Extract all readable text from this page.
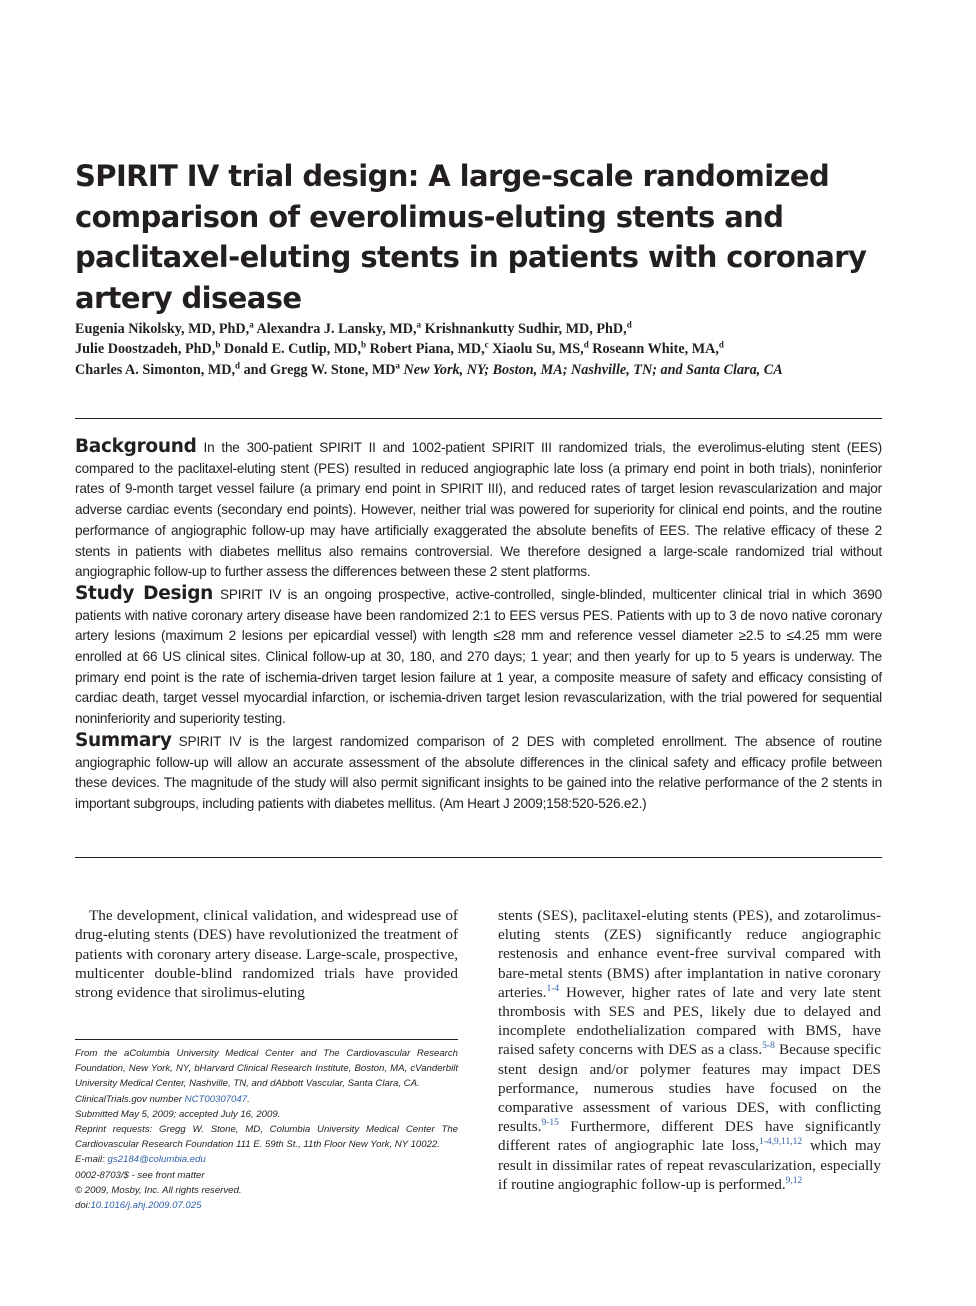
SPIRIT IV trial design: A large-scale randomized comparison of everolimus-eluting stents and paclitaxel-eluting stents in patients with coronary artery disease
Eugenia Nikolsky, MD, PhD,$^a$ Alexandra J. Lansky, MD,$^a$ Krishnankutty Sudhir, MD, PhD,$^d$
Julie Doostzadeh, PhD,$^b$ Donald E. Cutlip, MD,$^b$ Robert Piana, MD,$^c$ Xiaolu Su, MS,$^d$ Roseann White, MA,$^d$
Charles A. Simonton, MD,$^d$ and Gregg W. Stone, $MD^a$ New York, NY; Boston, MA; Nashville, TN; and Santa Clara, CA

Background In the 300-patient SPIRIT II and 1002-patient SPIRIT III randomized trials, the everolimus-eluting stent (EES) compared to the paclitaxel-eluting stent (PES) resulted in reduced angiographic late loss (a primary end point in both trials), noninferior rates of 9-month target vessel failure (a primary end point in SPIRIT III), and reduced rates of target lesion revascularization and major adverse cardiac events (secondary end points). However, neither trial was powered for superiority for clinical end points, and the routine performance of angiographic follow-up may have artificially exaggerated the absolute benefits of EES. The relative efficacy of these 2 stents in patients with diabetes mellitus also remains controversial. We therefore designed a large-scale randomized trial without angiographic follow-up to further assess the differences between these 2 stent platforms.

Study Design SPIRIT IV is an ongoing prospective, active-controlled, single-blinded, multicenter clinical trial in which 3690 patients with native coronary artery disease have been randomized 2:1 to EES versus PES. Patients with up to 3 de novo native coronary artery lesions (maximum 2 lesions per epicardial vessel) with length ≤28 mm and reference vessel diameter ≥2.5 to ≤4.25 mm were enrolled at 66 US clinical sites. Clinical follow-up at 30, 180, and 270 days; 1 year; and then yearly for up to 5 years is underway. The primary end point is the rate of ischemia-driven target lesion failure at 1 year, a composite measure of safety and efficacy consisting of cardiac death, target vessel myocardial infarction, or ischemia-driven target lesion revascularization, with the trial powered for sequential noninferiority and superiority testing.

Summary SPIRIT IV is the largest randomized comparison of 2 DES with completed enrollment. The absence of routine angiographic follow-up will allow an accurate assessment of the absolute differences in the clinical safety and efficacy profile between these devices. The magnitude of the study will also permit significant insights to be gained into the relative performance of the 2 stents in important subgroups, including patients with diabetes mellitus. (Am Heart J 2009;158:520-526.e2.)

The development, clinical validation, and widespread use of drug-eluting stents (DES) have revolutionized the treatment of patients with coronary artery disease. Large-scale, prospective, multicenter double-blind randomized trials have provided strong evidence that sirolimus-eluting

stents (SES), paclitaxel-eluting stents (PES), and zotarolimus-eluting stents (ZES) significantly reduce angiographic restenosis and enhance event-free survival compared with bare-metal stents (BMS) after implantation in native coronary arteries.$^{1-4}$ However, higher rates of late and very late stent thrombosis with SES and PES, likely due to delayed and incomplete endothelialization compared with BMS, have raised safety concerns with DES as a class.$^{5-8}$ Because specific stent design and/or polymer features may impact DES performance, numerous studies have focused on the comparative assessment of various DES, with conflicting results.$^{9-15}$ Furthermore, different DES have significantly different rates of angiographic late loss,$^{1-4,9,11,12}$ which may result in dissimilar rates of repeat revascularization, especially if routine angiographic follow-up is performed.$^{9,12}$

From the aColumbia University Medical Center and The Cardiovascular Research Foundation, New York, NY, bHarvard Clinical Research Institute, Boston, MA, cVanderbilt University Medical Center, Nashville, TN, and dAbbott Vascular, Santa Clara, CA.
ClinicalTrials.gov number NCT00307047.
Submitted May 5, 2009; accepted July 16, 2009.
Reprint requests: Gregg W. Stone, MD, Columbia University Medical Center The Cardiovascular Research Foundation 111 E. 59th St., 11th Floor New York, NY 10022.
E-mail: gs2184@columbia.edu
0002-8703/$ - see front matter
© 2009, Mosby, Inc. All rights reserved.
doi:10.1016/j.ahj.2009.07.025
